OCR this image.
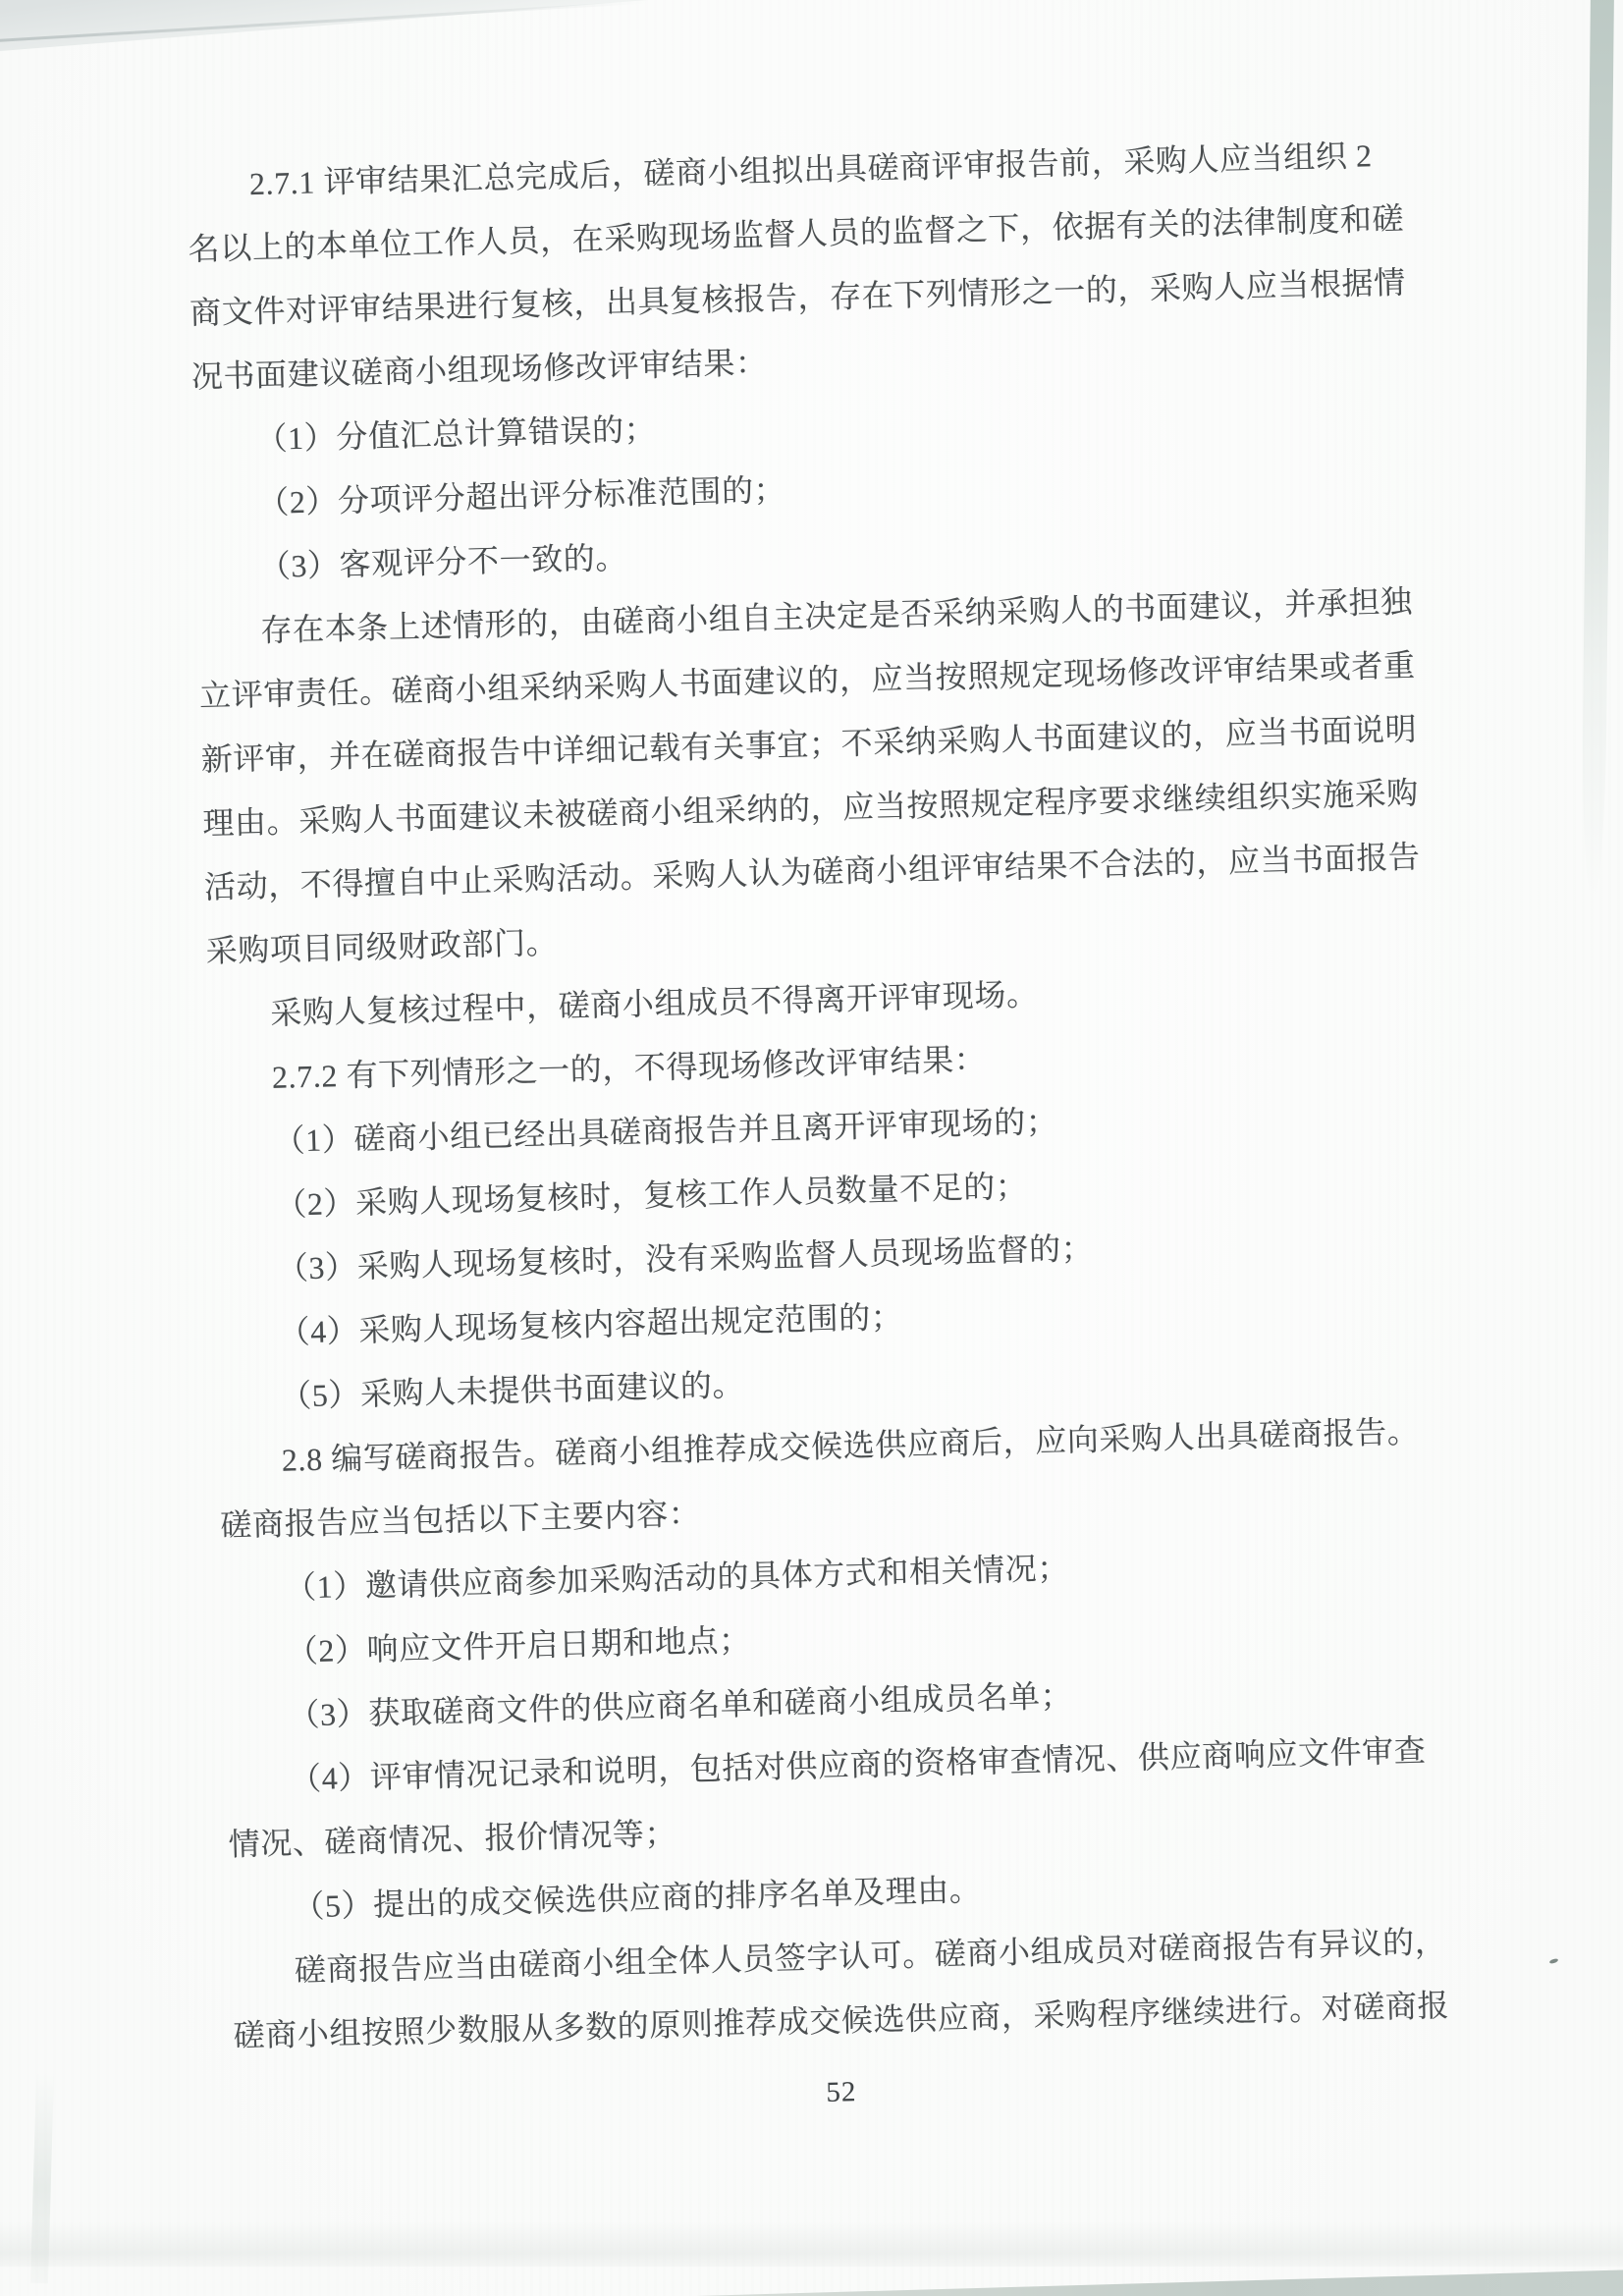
2.7.1 评审结果汇总完成后，磋商小组拟出具磋商评审报告前，采购人应当组织 2
名以上的本单位工作人员，在采购现场监督人员的监督之下，依据有关的法律制度和磋
商文件对评审结果进行复核，出具复核报告，存在下列情形之一的，采购人应当根据情
况书面建议磋商小组现场修改评审结果：
（1）分值汇总计算错误的；
（2）分项评分超出评分标准范围的；
（3）客观评分不一致的。
存在本条上述情形的，由磋商小组自主决定是否采纳采购人的书面建议，并承担独
立评审责任。磋商小组采纳采购人书面建议的，应当按照规定现场修改评审结果或者重
新评审，并在磋商报告中详细记载有关事宜；不采纳采购人书面建议的，应当书面说明
理由。采购人书面建议未被磋商小组采纳的，应当按照规定程序要求继续组织实施采购
活动，不得擅自中止采购活动。采购人认为磋商小组评审结果不合法的，应当书面报告
采购项目同级财政部门。
采购人复核过程中，磋商小组成员不得离开评审现场。
2.7.2 有下列情形之一的，不得现场修改评审结果：
（1）磋商小组已经出具磋商报告并且离开评审现场的；
（2）采购人现场复核时，复核工作人员数量不足的；
（3）采购人现场复核时，没有采购监督人员现场监督的；
（4）采购人现场复核内容超出规定范围的；
（5）采购人未提供书面建议的。
2.8 编写磋商报告。磋商小组推荐成交候选供应商后，应向采购人出具磋商报告。
磋商报告应当包括以下主要内容：
（1）邀请供应商参加采购活动的具体方式和相关情况；
（2）响应文件开启日期和地点；
（3）获取磋商文件的供应商名单和磋商小组成员名单；
（4）评审情况记录和说明，包括对供应商的资格审查情况、供应商响应文件审查
情况、磋商情况、报价情况等；
（5）提出的成交候选供应商的排序名单及理由。
磋商报告应当由磋商小组全体人员签字认可。磋商小组成员对磋商报告有异议的，
磋商小组按照少数服从多数的原则推荐成交候选供应商，采购程序继续进行。对磋商报
52
